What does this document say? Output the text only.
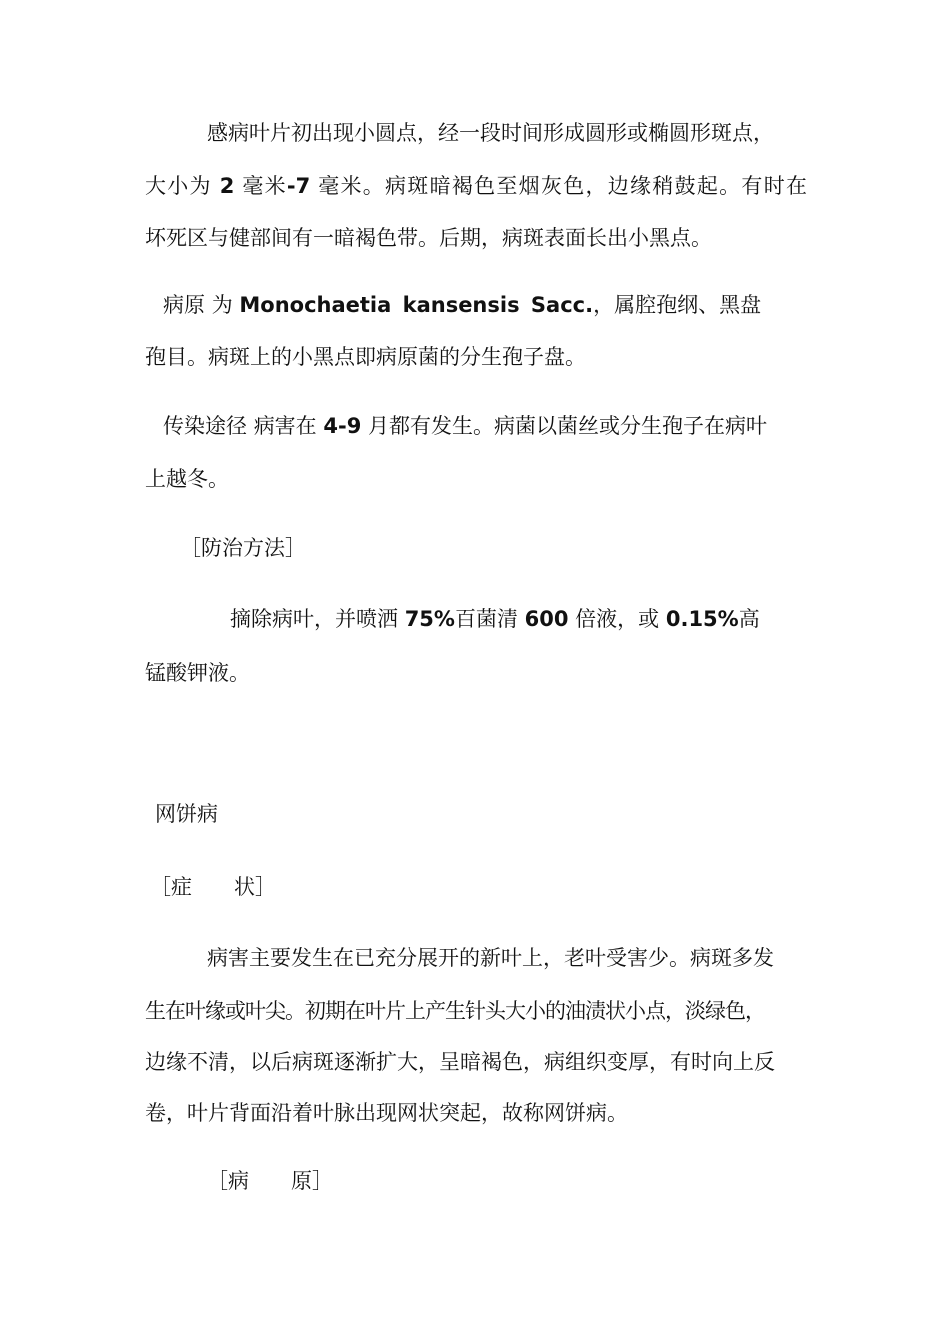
感病叶片初出现小圆点，经一段时间形成圆形或椭圆形斑点，
大小为 2 毫米-7 毫米。病斑暗褐色至烟灰色，边缘稍鼓起。有时在
坏死区与健部间有一暗褐色带。后期，病斑表面长出小黑点。
病原 为 Monochaetia kansensis Sacc.，属腔孢纲、黑盘
孢目。病斑上的小黑点即病原菌的分生孢子盘。
传染途径 病害在 4-9 月都有发生。病菌以菌丝或分生孢子在病叶
上越冬。
［防治方法］
摘除病叶，并喷洒 75%百菌清 600 倍液，或 0.15%高
锰酸钾液。
网饼病
［症　　状］
病害主要发生在已充分展开的新叶上，老叶受害少。病斑多发
生在叶缘或叶尖。初期在叶片上产生针头大小的油渍状小点，淡绿色，
边缘不清，以后病斑逐渐扩大，呈暗褐色，病组织变厚，有时向上反
卷，叶片背面沿着叶脉出现网状突起，故称网饼病。
［病　　原］
